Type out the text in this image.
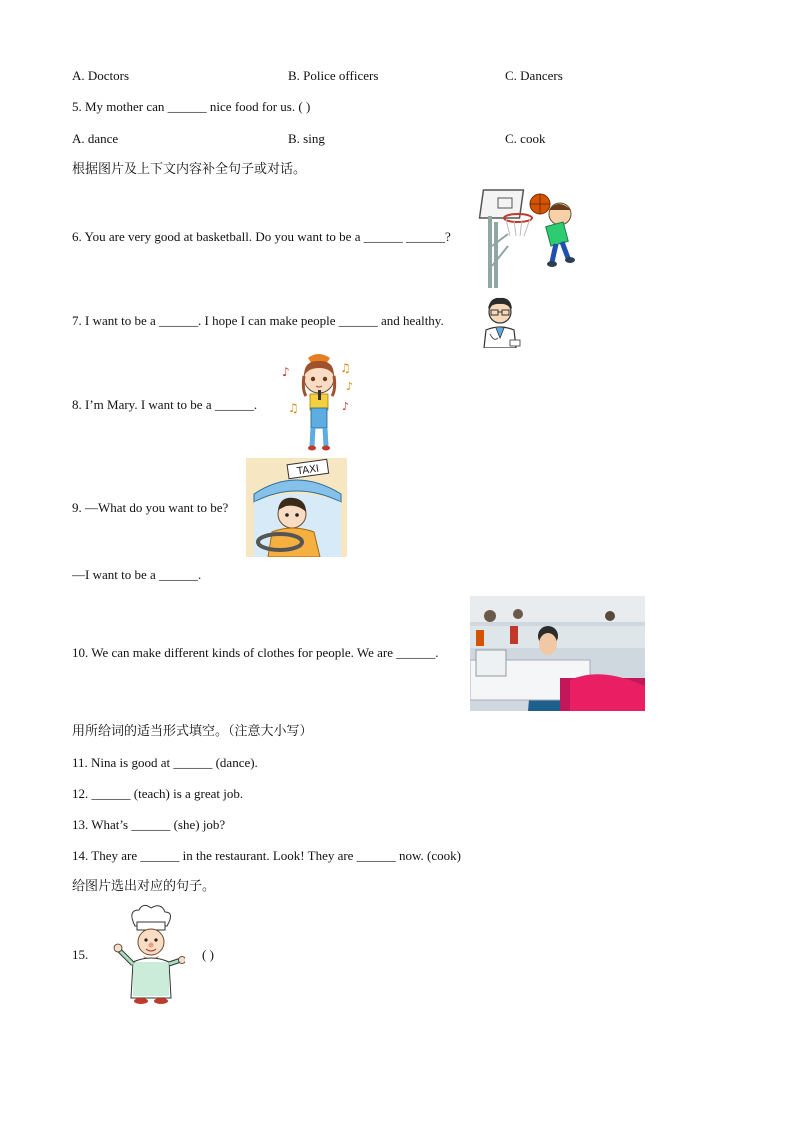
A. Doctors	B. Police officers	C. Dancers
5. My mother can ______ nice food for us. ( )
A. dance	B. sing	C. cook
根据图片及上下文内容补全句子或对话。
6. You are very good at basketball. Do you want to be a ______ ______?
7. I want to be a ______. I hope I can make people ______ and healthy.
8. I’m Mary. I want to be a ______.
♪	♫
♪
♫	♪
9. —What do you want to be?
TAXI
—I want to be a ______.
10. We can make different kinds of clothes for people. We are ______.
用所给词的适当形式填空。（注意大小写）
11. Nina is good at ______ (dance).
12. ______ (teach) is a great job.
13. What’s ______ (she) job?
14. They are ______ in the restaurant. Look! They are ______ now. (cook)
给图片选出对应的句子。
15.	( )
